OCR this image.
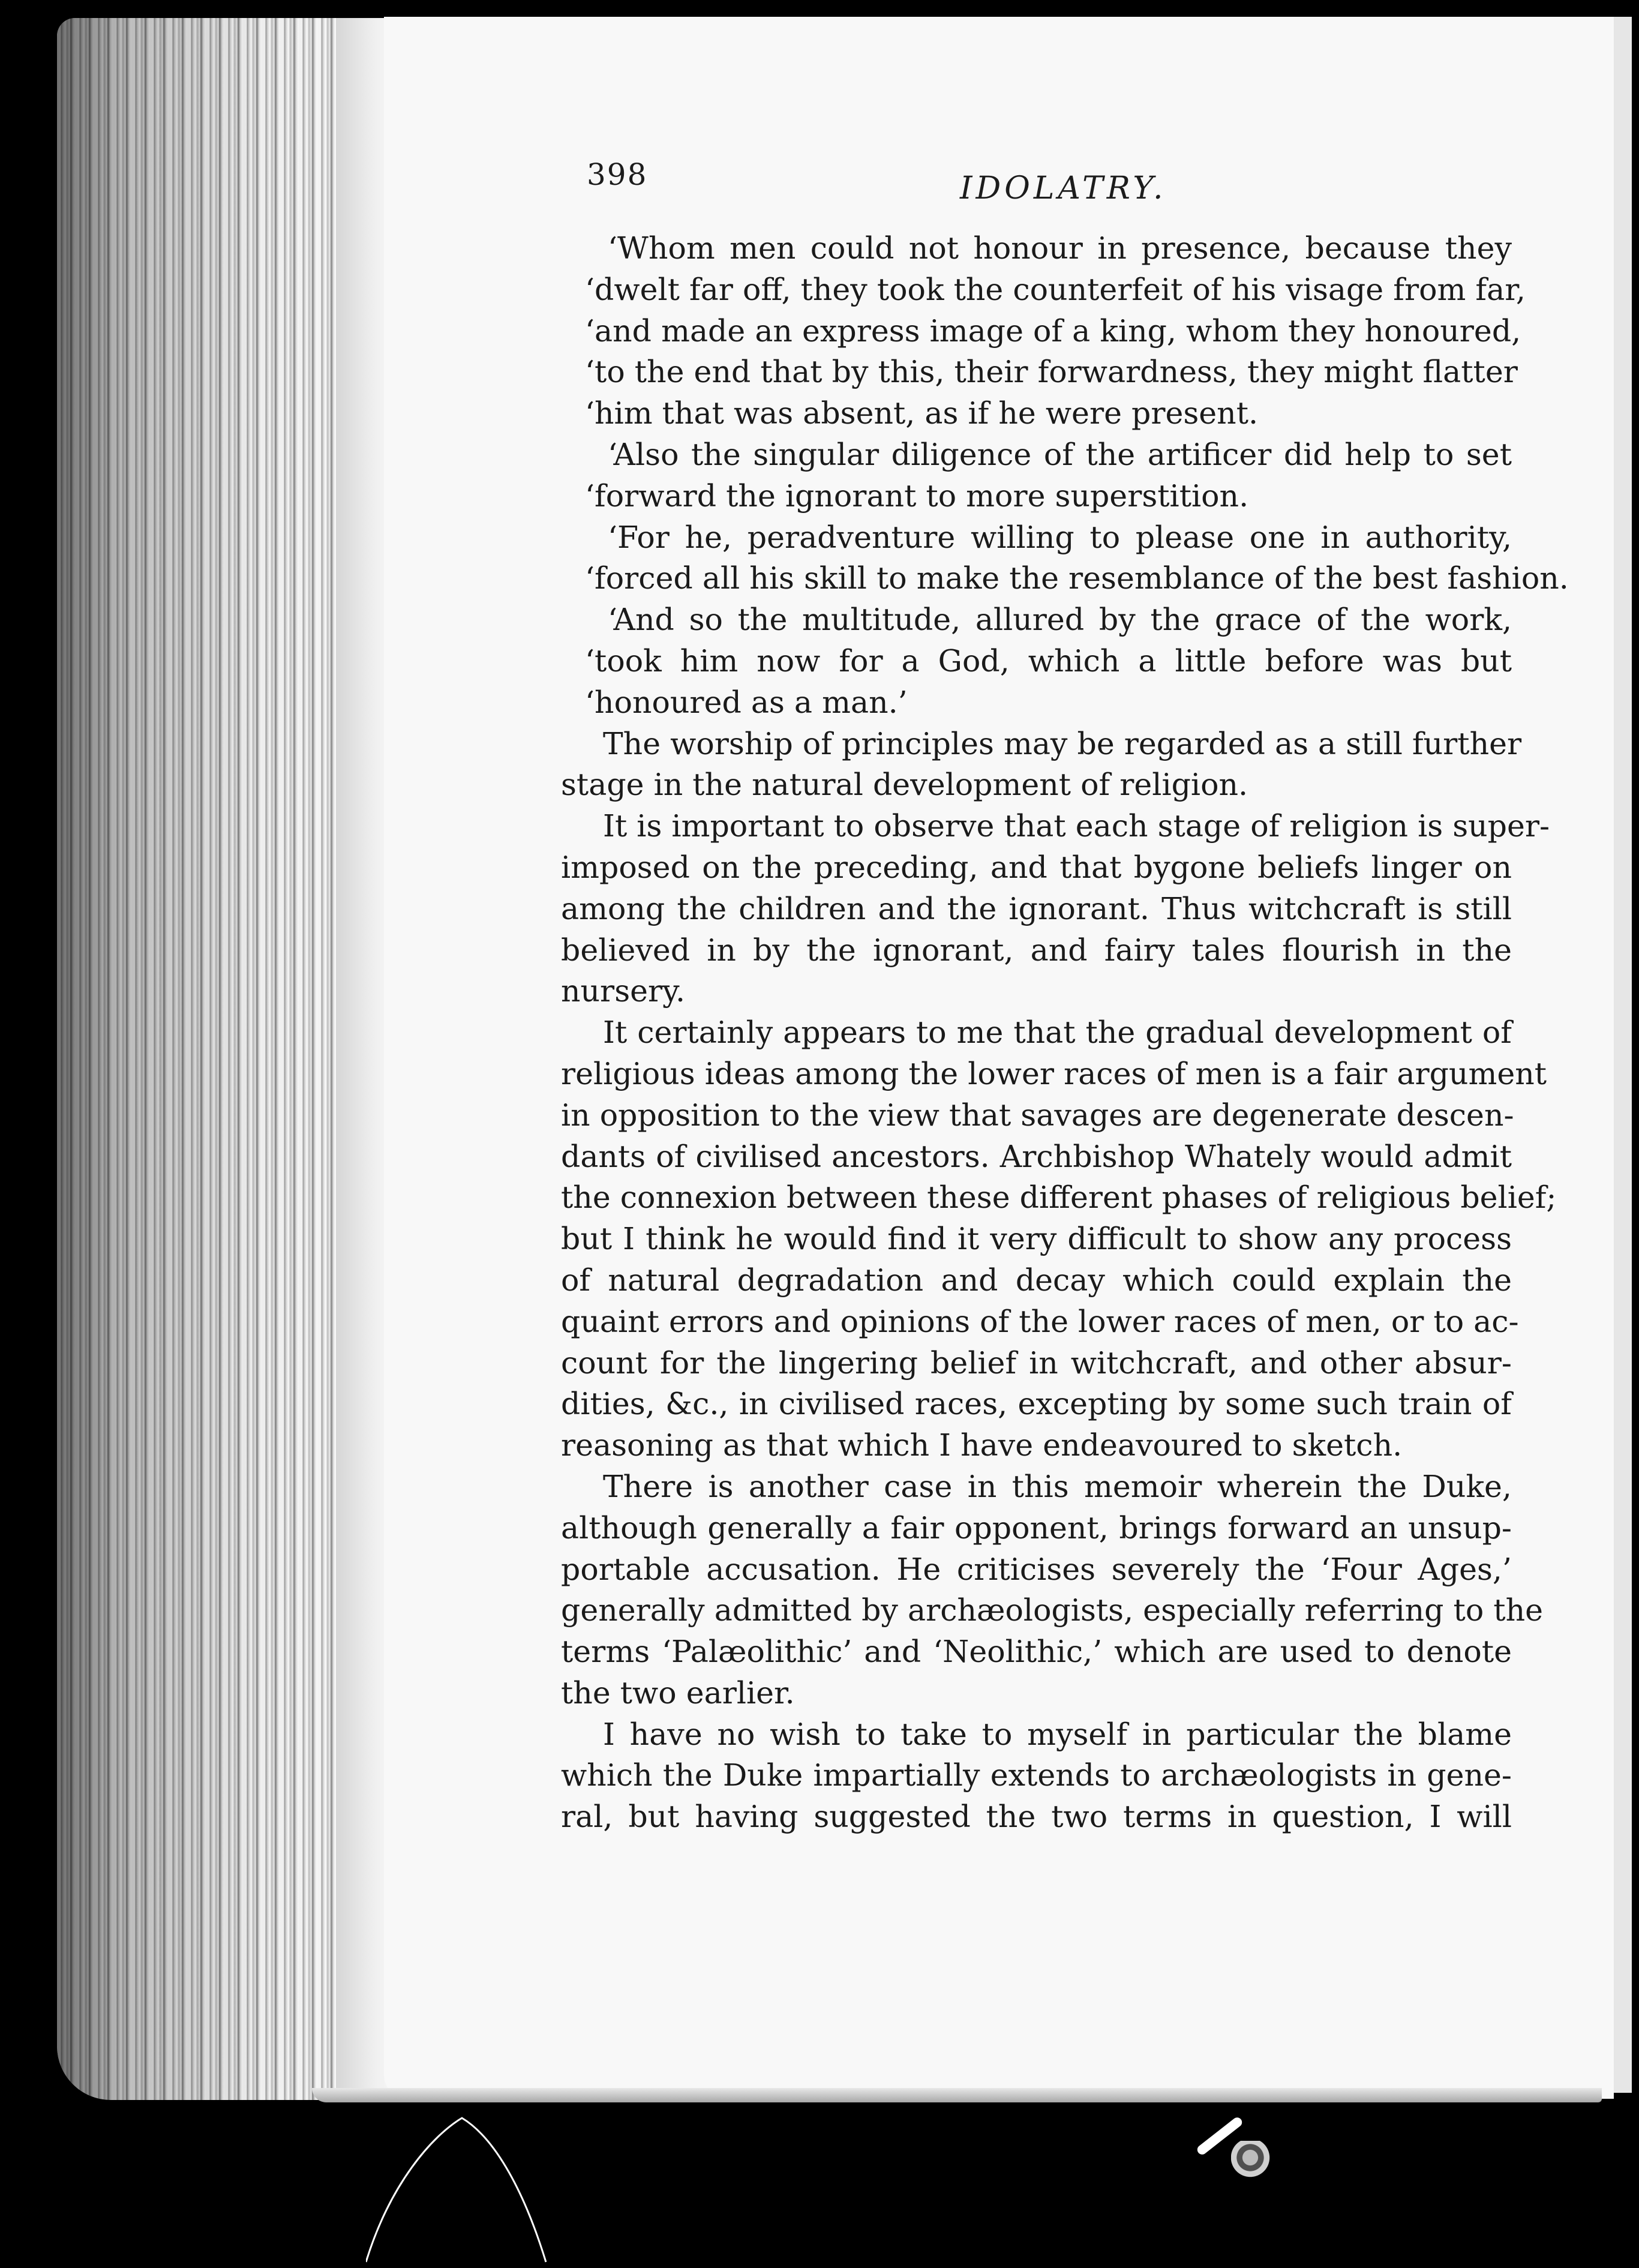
398	IDOLATRY.

‘Whom men could not honour in presence, because they
‘dwelt far off, they took the counterfeit of his visage from far,
‘and made an express image of a king, whom they honoured,
‘to the end that by this, their forwardness, they might flatter
‘him that was absent, as if he were present.
‘Also the singular diligence of the artificer did help to set
‘forward the ignorant to more superstition.
‘For he, peradventure willing to please one in authority,
‘forced all his skill to make the resemblance of the best fashion.
‘And so the multitude, allured by the grace of the work,
‘took him now for a God, which a little before was but
‘honoured as a man.’
The worship of principles may be regarded as a still further
stage in the natural development of religion.
It is important to observe that each stage of religion is super-
imposed on the preceding, and that bygone beliefs linger on
among the children and the ignorant. Thus witchcraft is still
believed in by the ignorant, and fairy tales flourish in the
nursery.
It certainly appears to me that the gradual development of
religious ideas among the lower races of men is a fair argument
in opposition to the view that savages are degenerate descen-
dants of civilised ancestors. Archbishop Whately would admit
the connexion between these different phases of religious belief;
but I think he would find it very difficult to show any process
of natural degradation and decay which could explain the
quaint errors and opinions of the lower races of men, or to ac-
count for the lingering belief in witchcraft, and other absur-
dities, &c., in civilised races, excepting by some such train of
reasoning as that which I have endeavoured to sketch.
There is another case in this memoir wherein the Duke,
although generally a fair opponent, brings forward an unsup-
portable accusation. He criticises severely the ‘Four Ages,’
generally admitted by archæologists, especially referring to the
terms ‘Palæolithic’ and ‘Neolithic,’ which are used to denote
the two earlier.
I have no wish to take to myself in particular the blame
which the Duke impartially extends to archæologists in gene-
ral, but having suggested the two terms in question, I will
